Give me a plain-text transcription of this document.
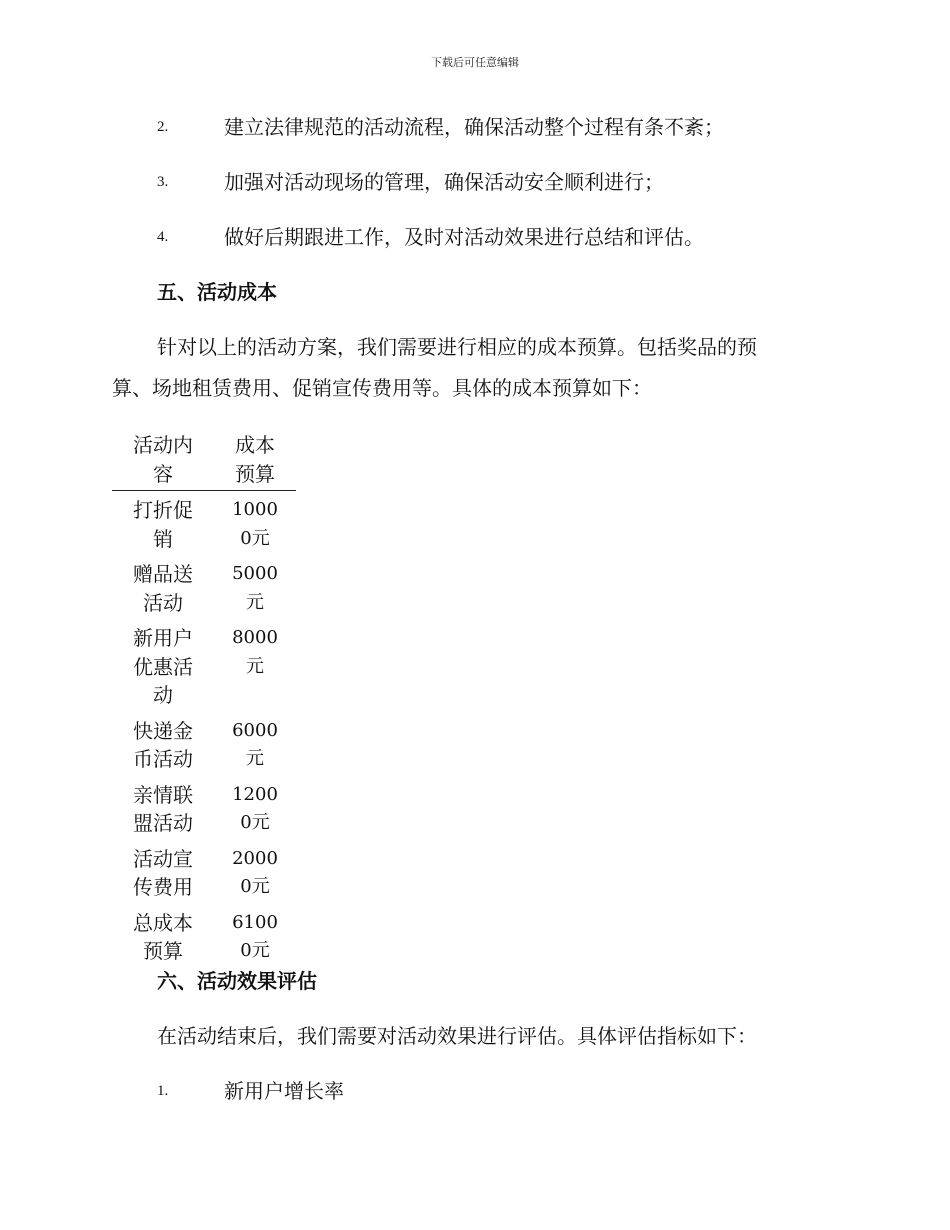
下载后可任意编辑
2.	建立法律规范的活动流程，确保活动整个过程有条不紊；
3.	加强对活动现场的管理，确保活动安全顺利进行；
4.	做好后期跟进工作，及时对活动效果进行总结和评估。
五、活动成本
针对以上的活动方案，我们需要进行相应的成本预算。包括奖品的预
算、场地租赁费用、促销宣传费用等。具体的成本预算如下：
活动内容	成本预算

打折促销	10000元

赠品送活动	5000元

新用户优惠活动	8000元

快递金币活动	6000元

亲情联盟活动	12000元

活动宣传费用	20000元

总成本预算	61000元
六、活动效果评估
在活动结束后，我们需要对活动效果进行评估。具体评估指标如下：
1.	新用户增长率
